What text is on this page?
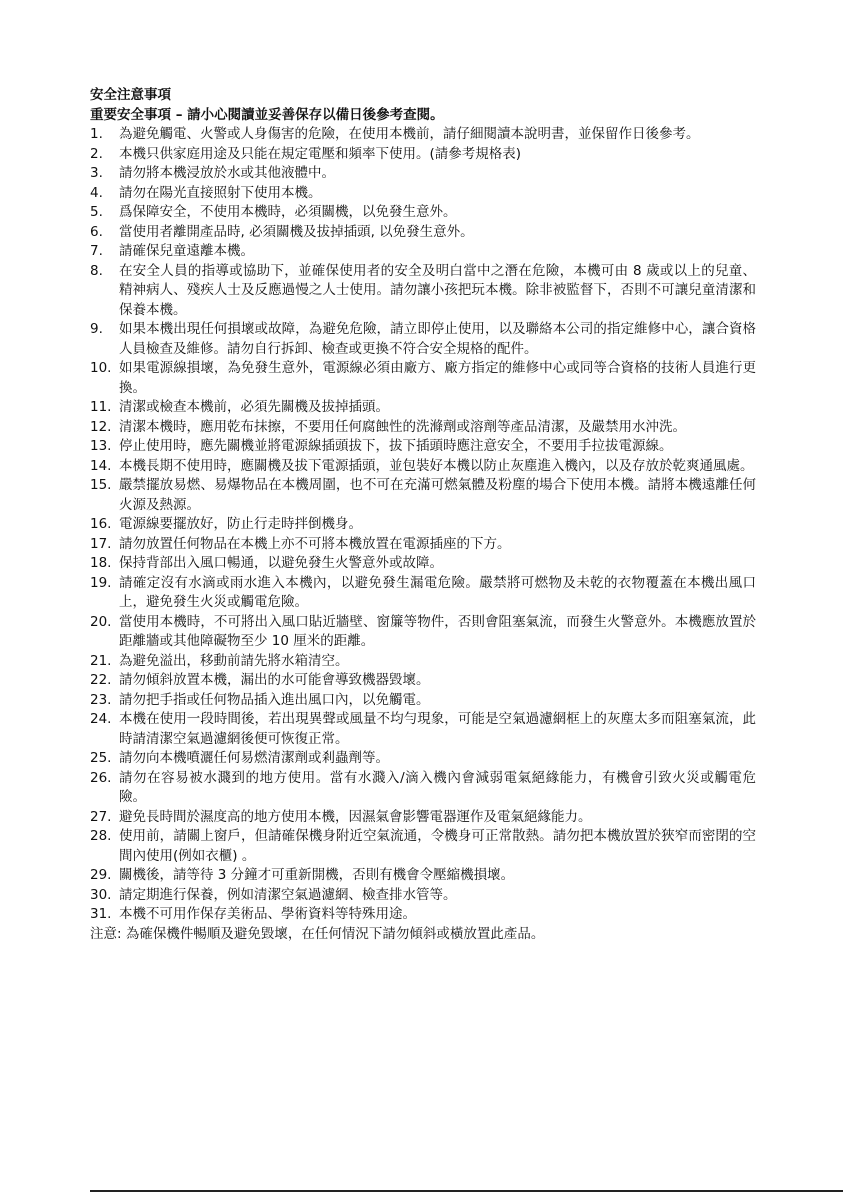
安全注意事項

重要安全事項 – 請小心閱讀並妥善保存以備日後參考查閱。

1.	為避免觸電、火警或人身傷害的危險，在使用本機前，請仔細閱讀本說明書，並保留作日後參考。
2.	本機只供家庭用途及只能在規定電壓和頻率下使用。(請參考規格表)
3.	請勿將本機浸放於水或其他液體中。
4.	請勿在陽光直接照射下使用本機。
5.	爲保障安全，不使用本機時，必須關機，以免發生意外。
6.	當使用者離開產品時, 必須關機及拔掉插頭, 以免發生意外。
7.	請確保兒童遠離本機。
8.	在安全人員的指導或協助下，並確保使用者的安全及明白當中之潛在危險，本機可由 8 歲或以上的兒童、精神病人、殘疾人士及反應過慢之人士使用。請勿讓小孩把玩本機。除非被監督下，否則不可讓兒童清潔和保養本機。
9.	如果本機出現任何損壞或故障，為避免危險，請立即停止使用，以及聯絡本公司的指定維修中心，讓合資格人員檢查及維修。請勿自行拆卸、檢查或更換不符合安全規格的配件。
10. 如果電源線損壞，為免發生意外，電源線必須由廠方、廠方指定的維修中心或同等合資格的技術人員進行更換。
11. 清潔或檢查本機前，必須先關機及拔掉插頭。
12. 清潔本機時，應用乾布抹擦，不要用任何腐蝕性的洗滌劑或溶劑等產品清潔，及嚴禁用水沖洗。
13. 停止使用時，應先關機並將電源線插頭拔下，拔下插頭時應注意安全，不要用手拉拔電源線。
14. 本機長期不使用時，應關機及拔下電源插頭，並包裝好本機以防止灰塵進入機內，以及存放於乾爽通風處。
15. 嚴禁擺放易燃、易爆物品在本機周圍，也不可在充滿可燃氣體及粉塵的場合下使用本機。請將本機遠離任何火源及熱源。
16. 電源線要擺放好，防止行走時拌倒機身。
17. 請勿放置任何物品在本機上亦不可將本機放置在電源插座的下方。
18. 保持背部出入風口暢通，以避免發生火警意外或故障。
19. 請確定沒有水滴或雨水進入本機內，以避免發生漏電危險。嚴禁將可燃物及未乾的衣物覆蓋在本機出風口上，避免發生火災或觸電危險。
20. 當使用本機時，不可將出入風口貼近牆壁、窗簾等物件，否則會阻塞氣流，而發生火警意外。本機應放置於距離牆或其他障礙物至少 10 厘米的距離。
21. 為避免溢出，移動前請先將水箱清空。
22. 請勿傾斜放置本機，漏出的水可能會導致機器毀壞。
23. 請勿把手指或任何物品插入進出風口內，以免觸電。
24. 本機在使用一段時間後，若出現異聲或風量不均勻現象，可能是空氣過濾網框上的灰塵太多而阻塞氣流，此時請清潔空氣過濾網後便可恢復正常。
25. 請勿向本機噴灑任何易燃清潔劑或剎蟲劑等。
26. 請勿在容易被水濺到的地方使用。當有水濺入/滴入機內會減弱電氣絕緣能力，有機會引致火災或觸電危險。
27. 避免長時間於濕度高的地方使用本機，因濕氣會影響電器運作及電氣絕緣能力。
28. 使用前，請關上窗戶，但請確保機身附近空氣流通，令機身可正常散熱。請勿把本機放置於狹窄而密閉的空間內使用(例如衣櫃) 。
29. 關機後，請等待 3 分鐘才可重新開機，否則有機會令壓縮機損壞。
30. 請定期進行保養，例如清潔空氣過濾網、檢查排水管等。
31. 本機不可用作保存美術品、學術資料等特殊用途。

注意: 為確保機件暢順及避免毀壞，在任何情況下請勿傾斜或橫放置此產品。
